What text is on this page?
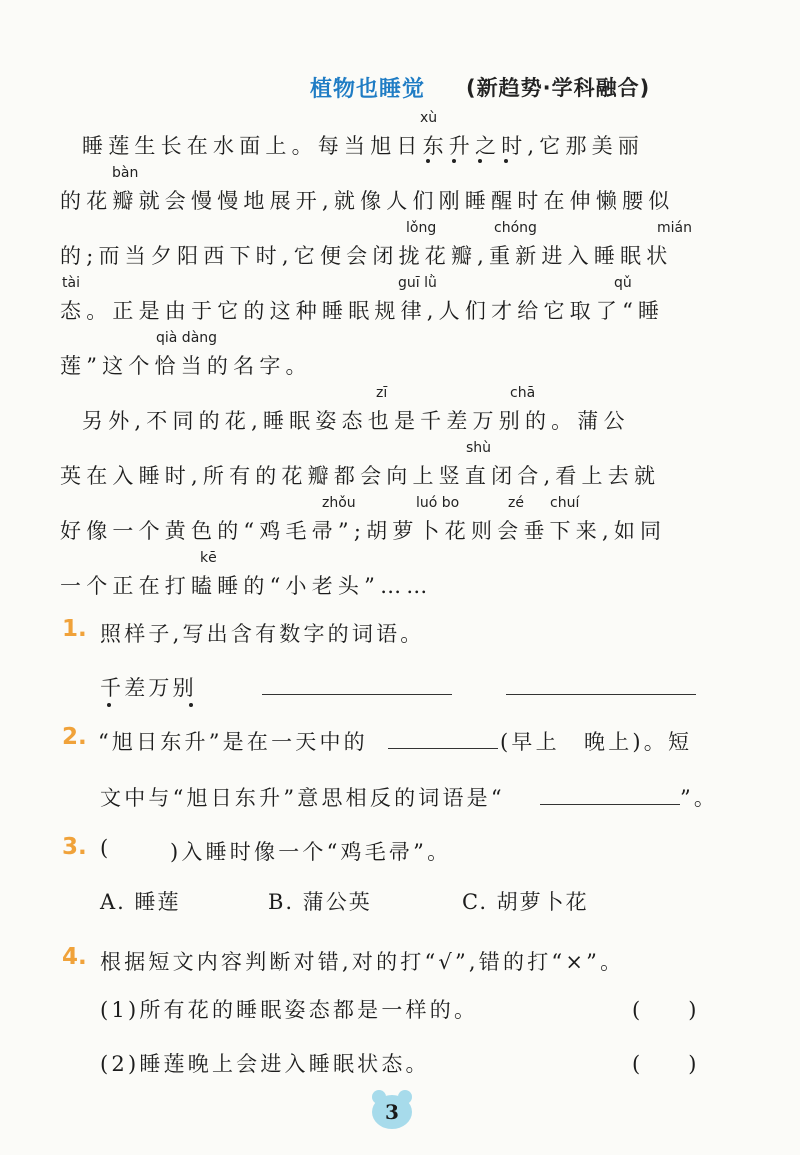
植物也睡觉 (新趋势·学科融合)
xù
睡莲生长在水面上。每当旭日东升之时,它那美丽
bàn
的花瓣就会慢慢地展开,就像人们刚睡醒时在伸懒腰似
lǒng	chóng	mián
的;而当夕阳西下时,它便会闭拢花瓣,重新进入睡眠状
tài	guī lǜ	qǔ
态。正是由于它的这种睡眠规律,人们才给它取了“睡
qià dàng
莲”这个恰当的名字。
zī	chā
另外,不同的花,睡眠姿态也是千差万别的。蒲公
shù
英在入睡时,所有的花瓣都会向上竖直闭合,看上去就
zhǒu	luó bo	zé chuí
好像一个黄色的“鸡毛帚”;胡萝卜花则会垂下来,如同
kē
一个正在打瞌睡的“小老头”……
1. 照样子,写出含有数字的词语。
千差万别
2. “旭日东升”是在一天中的	(早上　晚上)。短
文中与“旭日东升”意思相反的词语是“	”。
3. (	)入睡时像一个“鸡毛帚”。
A. 睡莲	B. 蒲公英	C. 胡萝卜花
4. 根据短文内容判断对错,对的打“√”,错的打“×”。
(1)所有花的睡眠姿态都是一样的。	(　　)
(2)睡莲晚上会进入睡眠状态。	(　　)
3
